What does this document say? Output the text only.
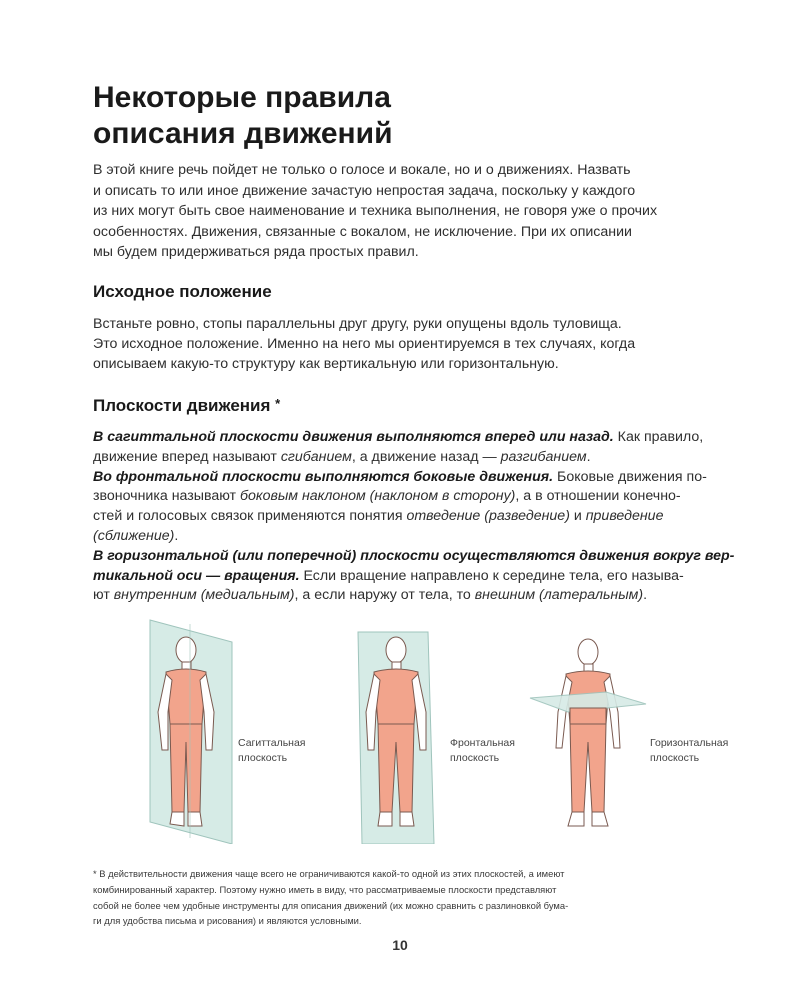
Некоторые правила
описания движений

В этой книге речь пойдет не только о голосе и вокале, но и о движениях. Назвать
и описать то или иное движение зачастую непростая задача, поскольку у каждого
из них могут быть свое наименование и техника выполнения, не говоря уже о прочих
особенностях. Движения, связанные с вокалом, не исключение. При их описании
мы будем придерживаться ряда простых правил.

Исходное положение

Встаньте ровно, стопы параллельны друг другу, руки опущены вдоль туловища.
Это исходное положение. Именно на него мы ориентируемся в тех случаях, когда
описываем какую-то структуру как вертикальную или горизонтальную.

Плоскости движения *
В сагиттальной плоскости движения выполняются вперед или назад. Как правило,
движение вперед называют сгибанием, а движение назад — разгибанием.
Во фронтальной плоскости выполняются боковые движения. Боковые движения по-
звоночника называют боковым наклоном (наклоном в сторону), а в отношении конечно-
стей и голосовых связок применяются понятия отведение (разведение) и приведение
(сближение).
В горизонтальной (или поперечной) плоскости осуществляются движения вокруг вер-
тикальной оси — вращения. Если вращение направлено к середине тела, его называ-
ют внутренним (медиальным), а если наружу от тела, то внешним (латеральным).
Сагиттальная
плоскость
Фронтальная
плоскость
Горизонтальная
плоскость

* В действительности движения чаще всего не ограничиваются какой-то одной из этих плоскостей, а имеют
комбинированный характер. Поэтому нужно иметь в виду, что рассматриваемые плоскости представляют
собой не более чем удобные инструменты для описания движений (их можно сравнить с разлиновкой бума-
ги для удобства письма и рисования) и являются условными.

10
